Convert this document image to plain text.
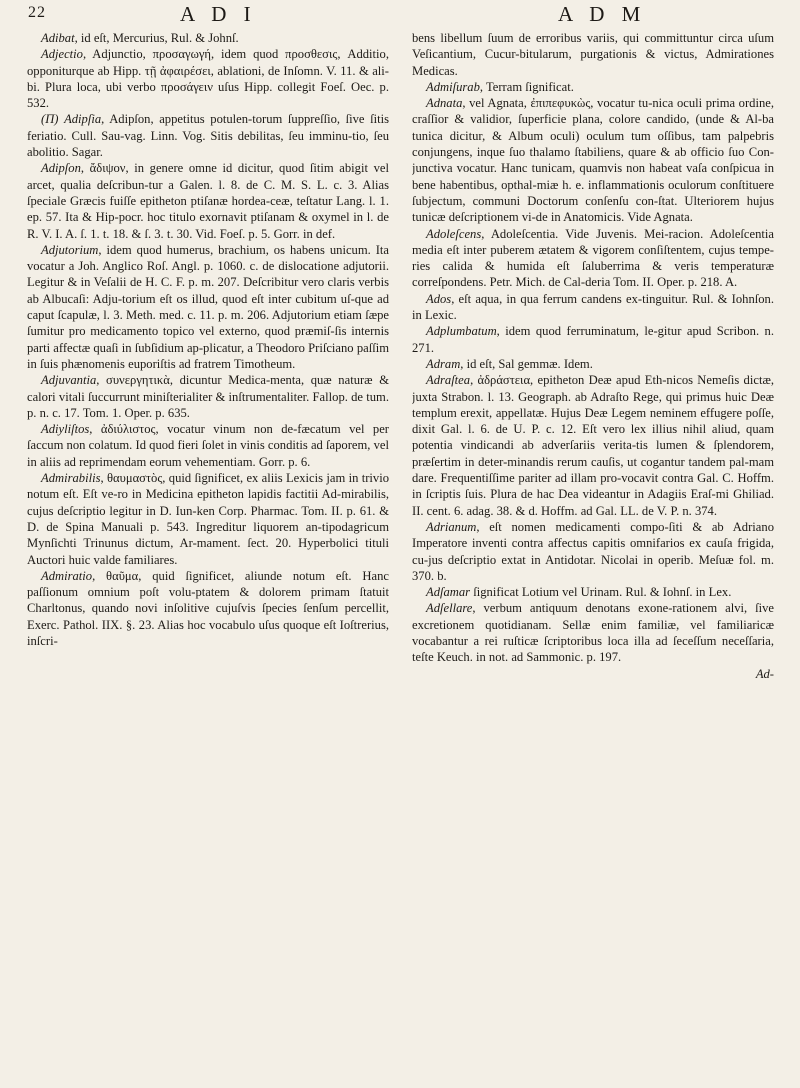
22	A D I	A D M

Adibat, id eſt, Mercurius, Rul. & Johnſ.

Adjectio, Adjunctio, προσαγωγή, idem quod προσθεσις, Additio, opponiturque ab Hipp. τῇ ἀφαιρέσει, ablationi, de Inſomn. V. 11. & ali-bi. Plura loca, ubi verbo προσάγειν uſus Hipp. collegit Foeſ. Oec. p. 532.

(Π) Adipſia, Adipſon, appetitus potulen-torum ſuppreſſio, ſive ſitis feriatio. Cull. Sau-vag. Linn. Vog. Sitis debilitas, ſeu imminu-tio, ſeu abolitio. Sagar.

Adipſon, ἄδιψον, in genere omne id dicitur, quod ſitim abigit vel arcet, qualia deſcribun-tur a Galen. l. 8. de C. M. S. L. c. 3. Alias ſpeciale Græcis fuiſſe epitheton ptiſanæ hordea-ceæ, teſtatur Lang. l. 1. ep. 57. Ita & Hip-pocr. hoc titulo exornavit ptiſanam & oxymel in l. de R. V. I. A. ſ. 1. t. 18. & ſ. 3. t. 30. Vid. Foeſ. p. 5. Gorr. in def.

Adjutorium, idem quod humerus, brachium, os habens unicum. Ita vocatur a Joh. Anglico Roſ. Angl. p. 1060. c. de dislocatione adjutorii. Legitur & in Veſalii de H. C. F. p. m. 207. Deſcribitur vero claris verbis ab Albucaſi: Adju-torium eſt os illud, quod eſt inter cubitum uſ-que ad caput ſcapulæ, l. 3. Meth. med. c. 11. p. m. 206. Adjutorium etiam ſæpe ſumitur pro medicamento topico vel externo, quod præmiſ-ſis internis parti affectæ quaſi in ſubſidium ap-plicatur, a Theodoro Priſciano paſſim in ſuis phænomenis euporiſtis ad fratrem Timotheum.

Adjuvantia, συνεργητικὰ, dicuntur Medica-menta, quæ naturæ & calori vitali ſuccurrunt miniſterialiter & inſtrumentaliter. Fallop. de tum. p. n. c. 17. Tom. 1. Oper. p. 635.

Adiyliſtos, ἀδιύλιστος, vocatur vinum non de-fæcatum vel per ſaccum non colatum. Id quod fieri ſolet in vinis conditis ad ſaporem, vel in aliis ad reprimendam eorum vehementiam. Gorr. p. 6.

Admirabilis, θαυμαστὸς, quid ſignificet, ex aliis Lexicis jam in trivio notum eſt. Eſt ve-ro in Medicina epitheton lapidis factitii Ad-mirabilis, cujus deſcriptio legitur in D. Iun-ken Corp. Pharmac. Tom. II. p. 61. & D. de Spina Manuali p. 543. Ingreditur liquorem an-tipodagricum Mynſichti Trinunus dictum, Ar-mament. ſect. 20. Hyperbolici tituli Auctori huic valde familiares.

Admiratio, θαῦμα, quid ſignificet, aliunde notum eſt. Hanc paſſionum omnium poſt volu-ptatem & dolorem primam ſtatuit Charltonus, quando novi inſolitive cujuſvis ſpecies ſenſum percellit, Exerc. Pathol. IIX. §. 23. Alias hoc vocabulo uſus quoque eſt Ioſtrerius, inſcri-

bens libellum ſuum de erroribus variis, qui committuntur circa uſum Veſicantium, Cucur-bitularum, purgationis & victus, Admirationes Medicas.

Admiſurab, Terram ſignificat.

Adnata, vel Agnata, ἐπιπεφυκὼς, vocatur tu-nica oculi prima ordine, craſſior & validior, ſuperficie plana, colore candido, (unde & Al-ba tunica dicitur, & Album oculi) oculum tum oſſibus, tam palpebris conjungens, inque ſuo thalamo ſtabiliens, quare & ab officio ſuo Con-junctiva vocatur. Hanc tunicam, quamvis non habeat vaſa conſpicua in bene habentibus, opthal-miæ h. e. inflammationis oculorum conſtituere ſubjectum, communi Doctorum conſenſu con-ſtat. Ulteriorem hujus tunicæ deſcriptionem vi-de in Anatomicis. Vide Agnata.

Adoleſcens, Adoleſcentia. Vide Juvenis. Mei-racion. Adoleſcentia media eſt inter puberem ætatem & vigorem conſiſtentem, cujus tempe-ries calida & humida eſt ſaluberrima & veris temperaturæ correſpondens. Petr. Mich. de Cal-deria Tom. II. Oper. p. 218. A.

Ados, eſt aqua, in qua ferrum candens ex-tinguitur. Rul. & Iohnſon. in Lexic.

Adplumbatum, idem quod ferruminatum, le-gitur apud Scribon. n. 271.

Adram, id eſt, Sal gemmæ. Idem.

Adraſtea, ἀδράστεια, epitheton Deæ apud Eth-nicos Nemeſis dictæ, juxta Strabon. l. 13. Geograph. ab Adraſto Rege, qui primus huic Deæ templum erexit, appellatæ. Hujus Deæ Legem neminem effugere poſſe, dixit Gal. l. 6. de U. P. c. 12. Eſt vero lex illius nihil aliud, quam potentia vindicandi ab adverſariis verita-tis lumen & ſplendorem, præſertim in deter-minandis rerum cauſis, ut cogantur tandem pal-mam dare. Frequentiſſime pariter ad illam pro-vocavit contra Gal. C. Hoffm. in ſcriptis ſuis. Plura de hac Dea videantur in Adagiis Eraſ-mi Ghiliad. II. cent. 6. adag. 38. & d. Hoffm. ad Gal. LL. de V. P. n. 374.

Adrianum, eſt nomen medicamenti compo-ſiti & ab Adriano Imperatore inventi contra affectus capitis omnifarios ex cauſa frigida, cu-jus deſcriptio extat in Antidotar. Nicolai in operib. Meſuæ fol. m. 370. b.

Adſamar ſignificat Lotium vel Urinam. Rul. & Iohnſ. in Lex.

Adſellare, verbum antiquum denotans exone-rationem alvi, ſive excretionem quotidianam. Sellæ enim familiæ, vel familiaricæ vocabantur a rei ruſticæ ſcriptoribus loca illa ad ſeceſſum neceſſaria, teſte Keuch. in not. ad Sammonic. p. 197.

Ad-
